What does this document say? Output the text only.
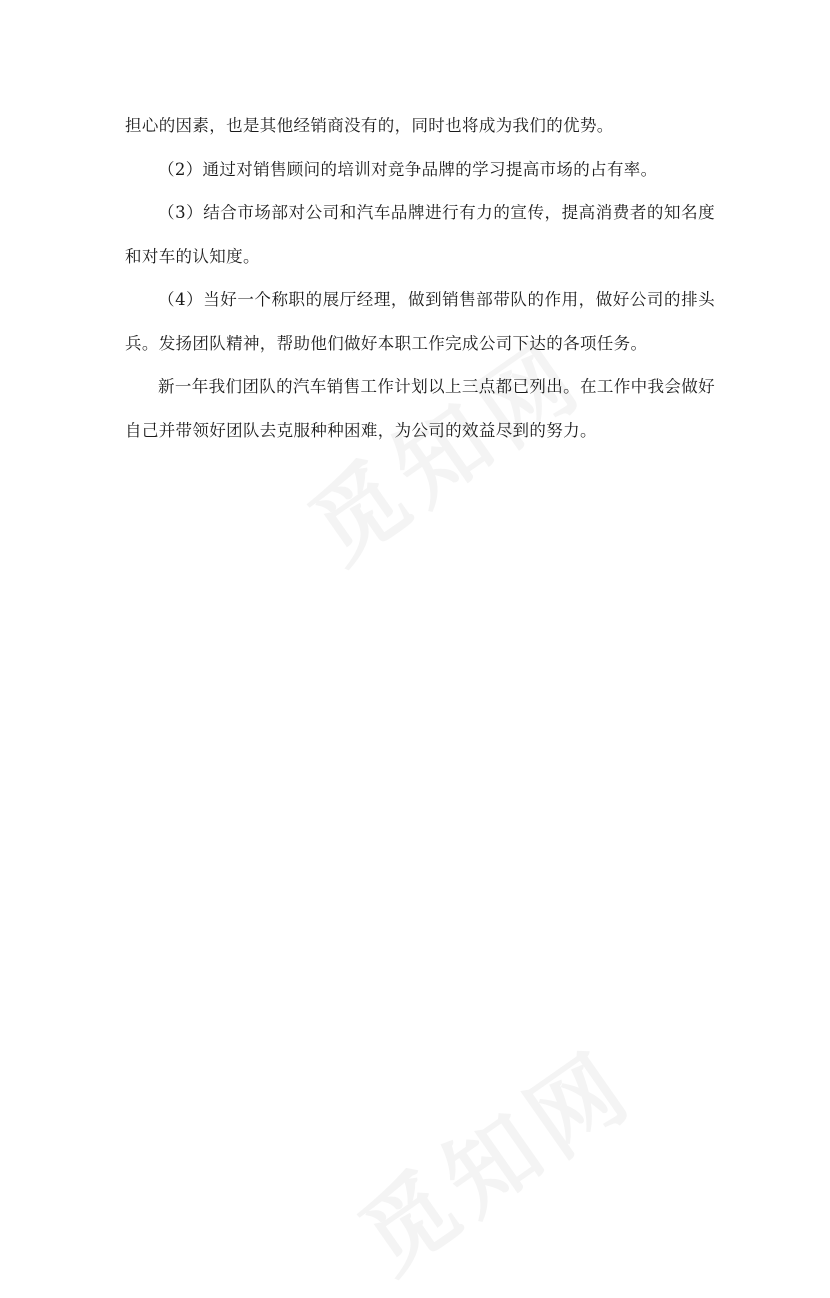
担心的因素，也是其他经销商没有的，同时也将成为我们的优势。

（2）通过对销售顾问的培训对竞争品牌的学习提高市场的占有率。

（3）结合市场部对公司和汽车品牌进行有力的宣传，提高消费者的知名度和对车的认知度。

（4）当好一个称职的展厅经理，做到销售部带队的作用，做好公司的排头兵。发扬团队精神，帮助他们做好本职工作完成公司下达的各项任务。

新一年我们团队的汽车销售工作计划以上三点都已列出。在工作中我会做好自己并带领好团队去克服种种困难，为公司的效益尽到的努力。
